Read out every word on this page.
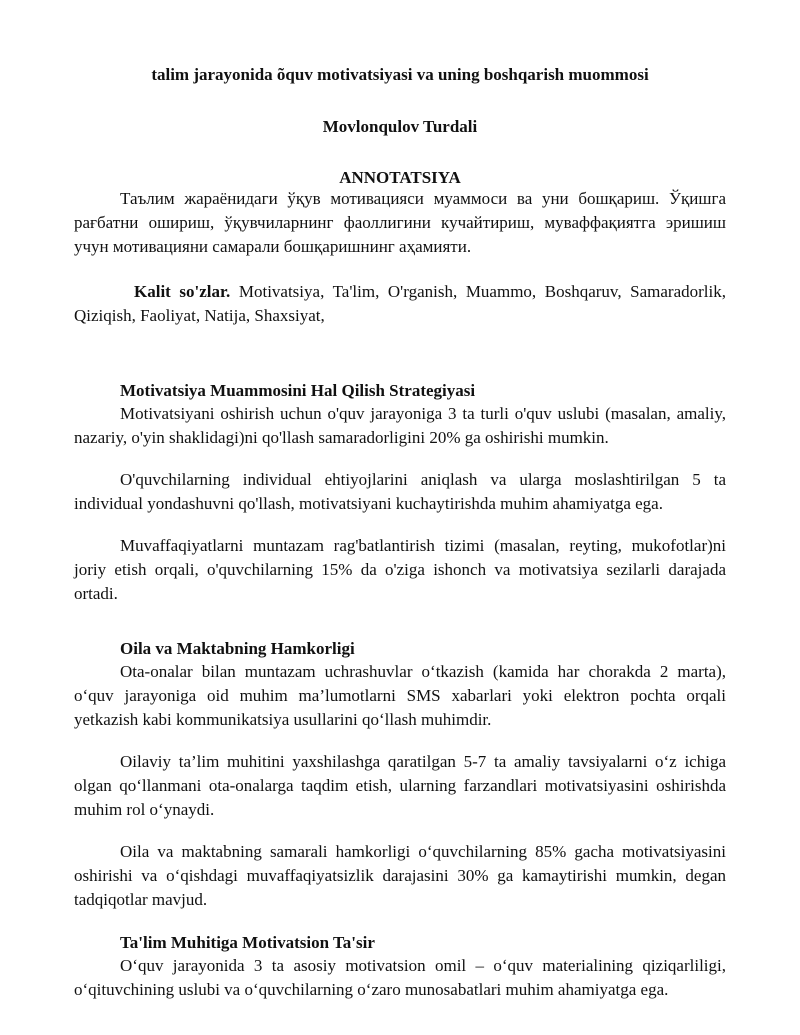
talim jarayonida õquv motivatsiyasi va uning boshqarish muommosi

Movlonqulov Turdali

ANNOTATSIYA

Таълим жараёнидаги ўқув мотивацияси муаммоси ва уни бошқариш. Ўқишга рағбатни ошириш, ўқувчиларнинг фаоллигини кучайтириш, муваффақиятга эришиш учун мотивацияни самарали бошқаришнинг аҳамияти.

Kalit so'zlar. Motivatsiya, Ta'lim, O'rganish, Muammo, Boshqaruv, Samaradorlik, Qiziqish, Faoliyat, Natija, Shaxsiyat,

Motivatsiya Muammosini Hal Qilish Strategiyasi

Motivatsiyani oshirish uchun o'quv jarayoniga 3 ta turli o'quv uslubi (masalan, amaliy, nazariy, o'yin shaklidagi)ni qo'llash samaradorligini 20% ga oshirishi mumkin.

O'quvchilarning individual ehtiyojlarini aniqlash va ularga moslashtirilgan 5 ta individual yondashuvni qo'llash, motivatsiyani kuchaytirishda muhim ahamiyatga ega.

Muvaffaqiyatlarni muntazam rag'batlantirish tizimi (masalan, reyting, mukofotlar)ni joriy etish orqali, o'quvchilarning 15% da o'ziga ishonch va motivatsiya sezilarli darajada ortadi.

Oila va Maktabning Hamkorligi

Ota-onalar bilan muntazam uchrashuvlar o‘tkazish (kamida har chorakda 2 marta), o‘quv jarayoniga oid muhim ma’lumotlarni SMS xabarlari yoki elektron pochta orqali yetkazish kabi kommunikatsiya usullarini qo‘llash muhimdir.

Oilaviy ta’lim muhitini yaxshilashga qaratilgan 5-7 ta amaliy tavsiyalarni o‘z ichiga olgan qo‘llanmani ota-onalarga taqdim etish, ularning farzandlari motivatsiyasini oshirishda muhim rol o‘ynaydi.

Oila va maktabning samarali hamkorligi o‘quvchilarning 85% gacha motivatsiyasini oshirishi va o‘qishdagi muvaffaqiyatsizlik darajasini 30% ga kamaytirishi mumkin, degan tadqiqotlar mavjud.

Ta'lim Muhitiga Motivatsion Ta'sir

O‘quv jarayonida 3 ta asosiy motivatsion omil – o‘quv materialining qiziqarliligi, o‘qituvchining uslubi va o‘quvchilarning o‘zaro munosabatlari muhim ahamiyatga ega.
